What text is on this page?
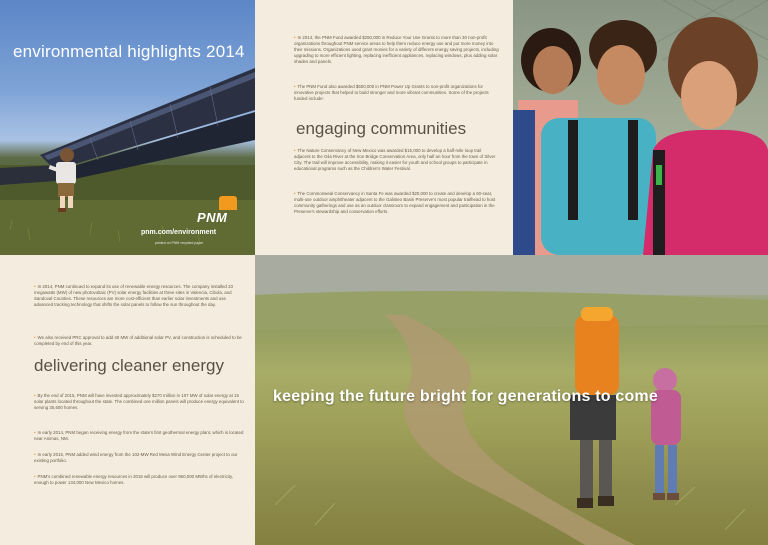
environmental highlights 2014
PNM
pnm.com/environment
printed on PNM recycled paper
• In 2014, the PNM Fund awarded $250,000 in Reduce Your Use Grants to more than 30 non-profit organizations throughout PNM service areas to help them reduce energy use and put more money into their missions. Organizations used grant monies for a variety of different energy saving projects, including upgrading to more efficient lighting, replacing inefficient appliances, replacing windows, plus adding solar shades and panels.
• The PNM Fund also awarded $500,000 in PNM Power Up Grants to non-profit organizations for innovative projects that helped to build stronger and more vibrant communities. Some of the projects funded include:
engaging communities
• The Nature Conservancy of New Mexico was awarded $15,000 to develop a half-mile loop trail adjacent to the Gila River at the Iron Bridge Conservation Area, only half an hour from the town of Silver City. The trail will improve accessibility, making it easier for youth and school groups to participate in educational programs such as the Children's Water Festival.
• The Commonweal Conservancy in Santa Fe was awarded $20,000 to create and develop a 60-seat, multi-use outdoor amphitheater adjacent to the Galisteo Basin Preserve's most popular trailhead to host community gatherings and use as an outdoor classroom to expand engagement and participation in the Preserve's stewardship and conservation efforts.
• In 2014, PNM continued to expand its use of renewable energy resources. The company installed 23 megawatts (MW) of new photovoltaic (PV) solar energy facilities at three sites in Valencia, Cibola, and Sandoval Counties. These resources are more cost-efficient than earlier solar investments and use advanced tracking technology that shifts the solar panels to follow the sun throughout the day.
• We also received PRC approval to add 40 MW of additional solar PV, and construction is scheduled to be completed by end of this year.
delivering cleaner energy
• By the end of 2015, PNM will have invested approximately $270 million in 107 MW of solar energy at 15 solar plants located throughout the state. The combined one million panels will produce energy equivalent to serving 35,600 homes.
• In early 2014, PNM began receiving energy from the state's first geothermal energy plant, which is located near Animas, NM.
• In early 2015, PNM added wind energy from the 102-MW Red Mesa Wind Energy Center project to our existing portfolio.
• PNM's combined renewable energy resources in 2015 will produce over 960,000 MWhs of electricity, enough to power 134,000 New Mexico homes.
keeping the future bright for generations to come
